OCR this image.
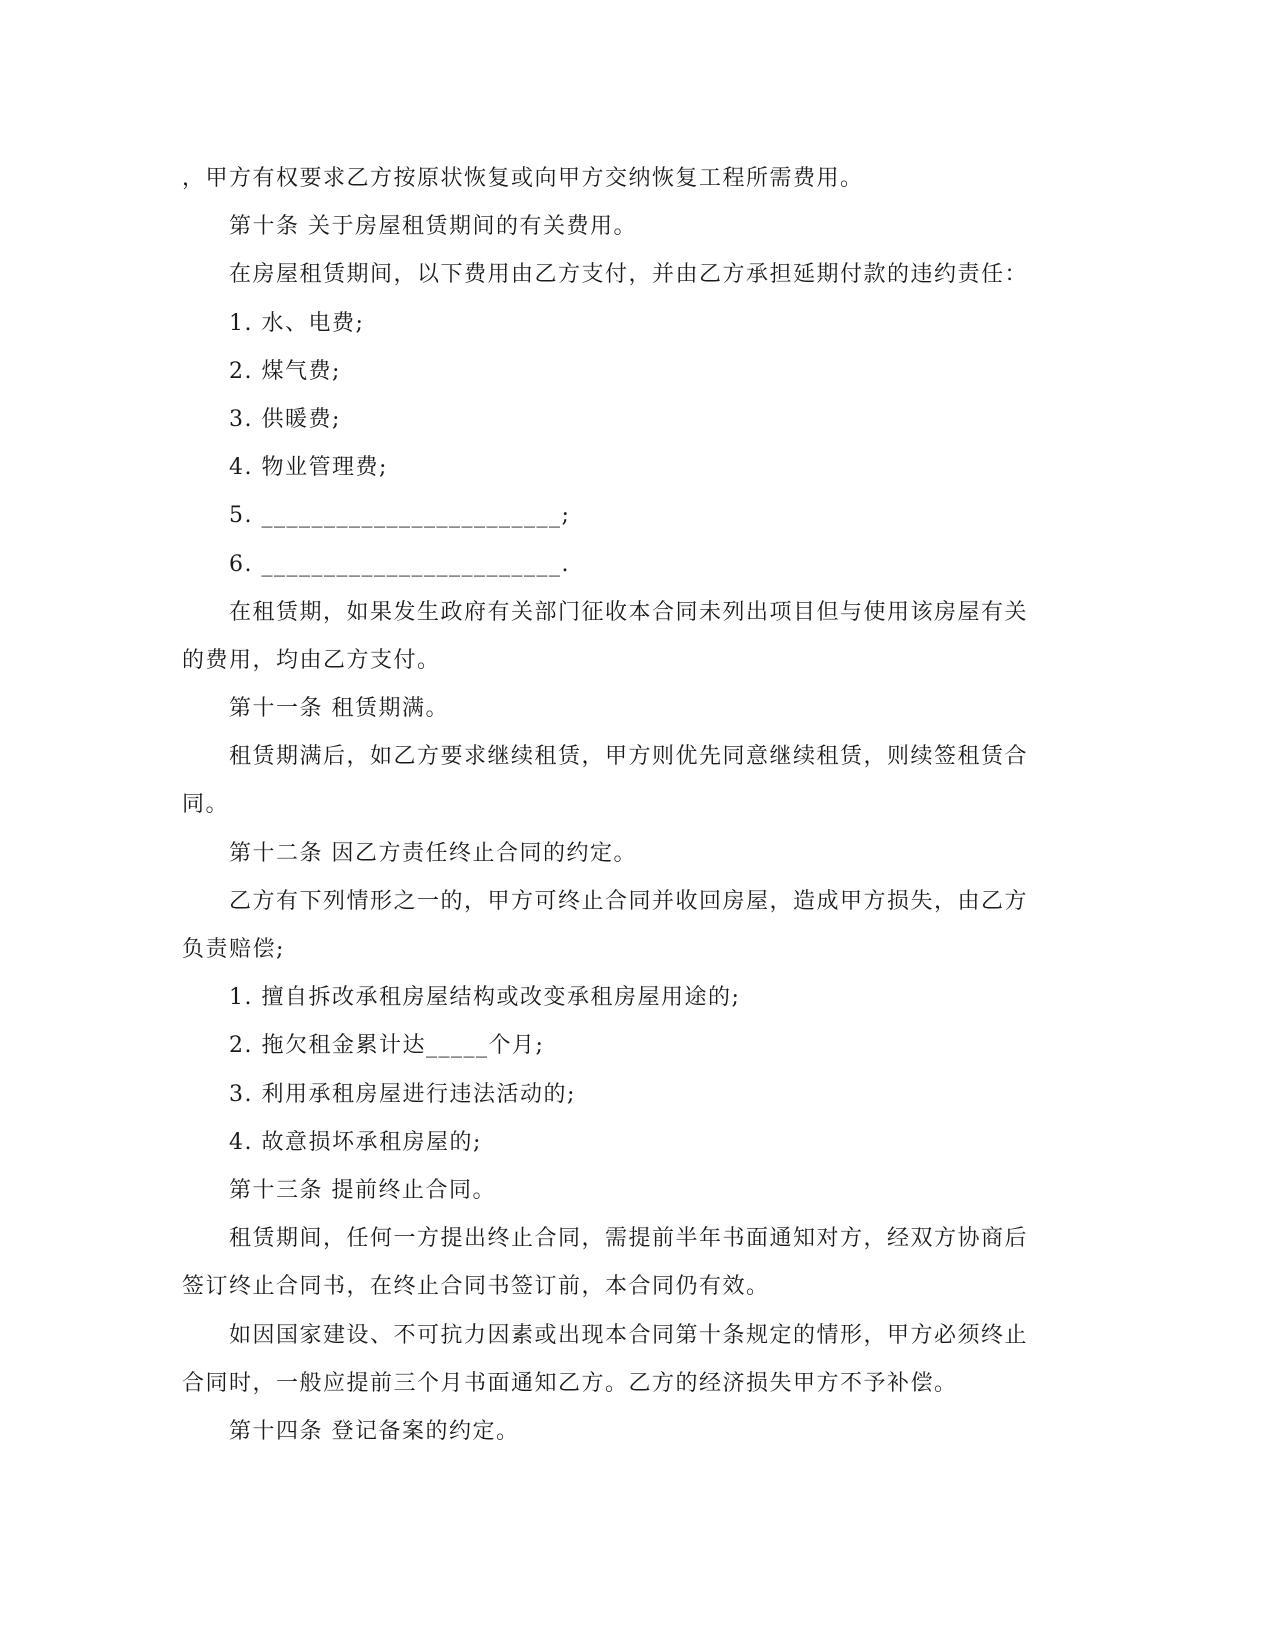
，甲方有权要求乙方按原状恢复或向甲方交纳恢复工程所需费用。
第十条 关于房屋租赁期间的有关费用。
在房屋租赁期间，以下费用由乙方支付，并由乙方承担延期付款的违约责任：
1. 水、电费;
2. 煤气费;
3. 供暖费;
4. 物业管理费;
5. ________________________;
6. ________________________.
在租赁期，如果发生政府有关部门征收本合同未列出项目但与使用该房屋有关
的费用，均由乙方支付。
第十一条 租赁期满。
租赁期满后，如乙方要求继续租赁，甲方则优先同意继续租赁，则续签租赁合
同。
第十二条 因乙方责任终止合同的约定。
乙方有下列情形之一的，甲方可终止合同并收回房屋，造成甲方损失，由乙方
负责赔偿;
1. 擅自拆改承租房屋结构或改变承租房屋用途的;
2. 拖欠租金累计达_____个月;
3. 利用承租房屋进行违法活动的;
4. 故意损坏承租房屋的;
第十三条 提前终止合同。
租赁期间，任何一方提出终止合同，需提前半年书面通知对方，经双方协商后
签订终止合同书，在终止合同书签订前，本合同仍有效。
如因国家建设、不可抗力因素或出现本合同第十条规定的情形，甲方必须终止
合同时，一般应提前三个月书面通知乙方。乙方的经济损失甲方不予补偿。
第十四条 登记备案的约定。
